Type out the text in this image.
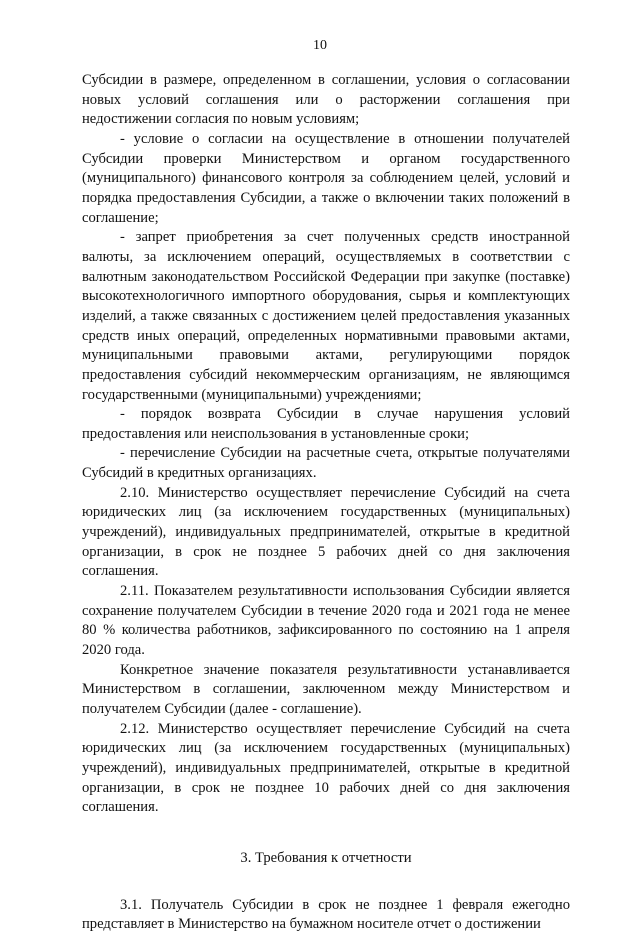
10

Субсидии в размере, определенном в соглашении, условия о согласовании новых условий соглашения или о расторжении соглашения при недостижении согласия по новым условиям;

- условие о согласии на осуществление в отношении получателей Субсидии проверки Министерством и органом государственного (муниципального) финансового контроля за соблюдением целей, условий и порядка предоставления Субсидии, а также о включении таких положений в соглашение;

- запрет приобретения за счет полученных средств иностранной валюты, за исключением операций, осуществляемых в соответствии с валютным законодательством Российской Федерации при закупке (поставке) высокотехнологичного импортного оборудования, сырья и комплектующих изделий, а также связанных с достижением целей предоставления указанных средств иных операций, определенных нормативными правовыми актами, муниципальными правовыми актами, регулирующими порядок предоставления субсидий некоммерческим организациям, не являющимся государственными (муниципальными) учреждениями;

- порядок возврата Субсидии в случае нарушения условий предоставления или неиспользования в установленные сроки;

- перечисление Субсидии на расчетные счета, открытые получателями Субсидий в кредитных организациях.

2.10. Министерство осуществляет перечисление Субсидий на счета юридических лиц (за исключением государственных (муниципальных) учреждений), индивидуальных предпринимателей, открытые в кредитной организации, в срок не позднее 5 рабочих дней со дня заключения соглашения.

2.11. Показателем результативности использования Субсидии является сохранение получателем Субсидии в течение 2020 года и 2021 года не менее 80 % количества работников, зафиксированного по состоянию на 1 апреля 2020 года.

Конкретное значение показателя результативности устанавливается Министерством в соглашении, заключенном между Министерством и получателем Субсидии (далее - соглашение).

2.12. Министерство осуществляет перечисление Субсидий на счета юридических лиц (за исключением государственных (муниципальных) учреждений), индивидуальных предпринимателей, открытые в кредитной организации, в срок не позднее 10 рабочих дней со дня заключения соглашения.

3. Требования к отчетности

3.1. Получатель Субсидии в срок не позднее 1 февраля ежегодно представляет в Министерство на бумажном носителе отчет о достижении
